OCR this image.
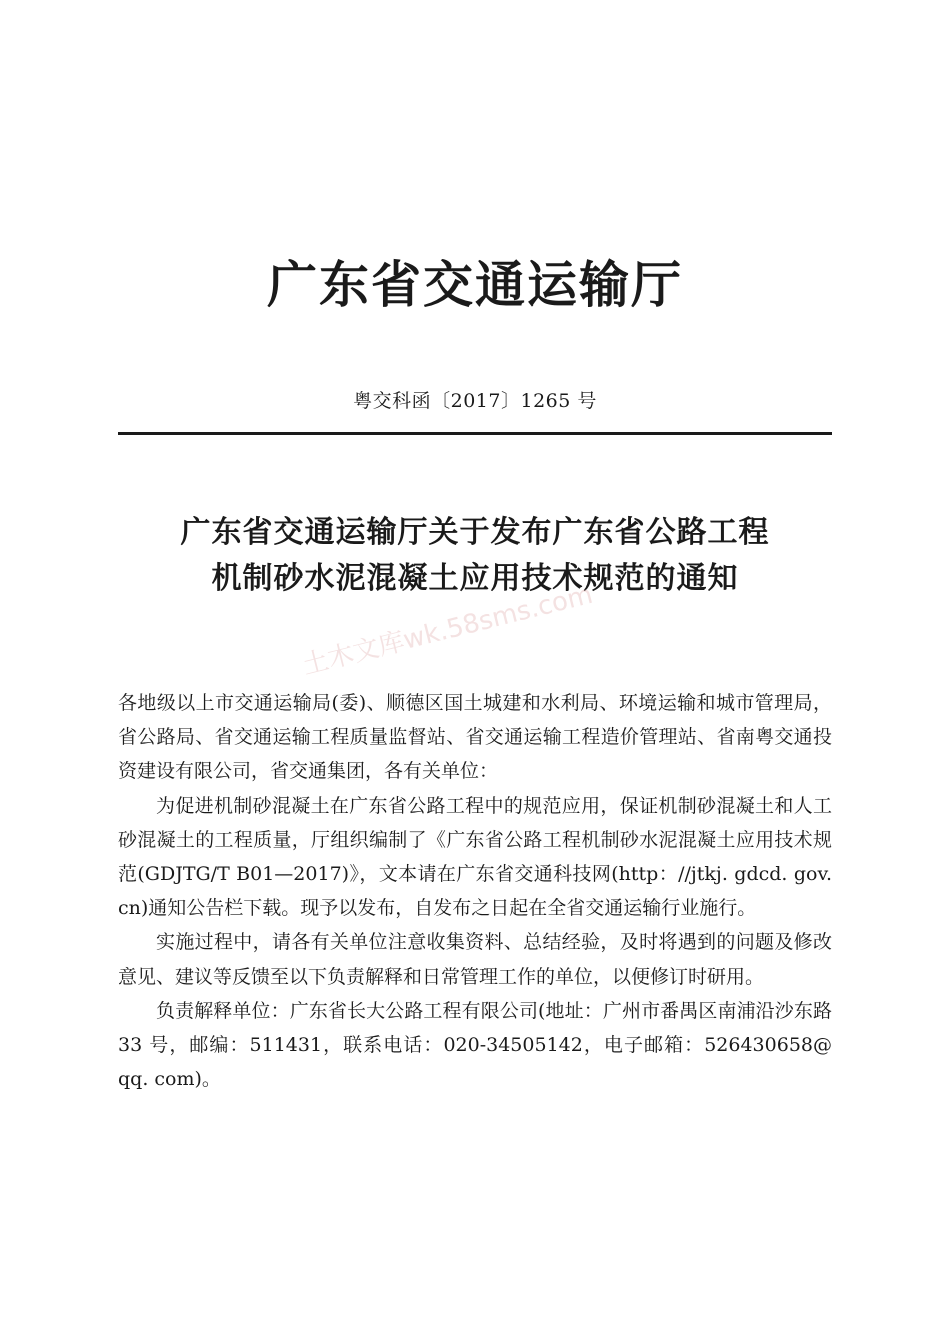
广东省交通运输厅
粤交科函〔2017〕1265 号
广东省交通运输厅关于发布广东省公路工程
机制砂水泥混凝土应用技术规范的通知
土木文库wk.58sms.com

各地级以上市交通运输局(委)、顺德区国土城建和水利局、环境运输和城市管理局，省公路局、省交通运输工程质量监督站、省交通运输工程造价管理站、省南粤交通投资建设有限公司，省交通集团，各有关单位：

为促进机制砂混凝土在广东省公路工程中的规范应用，保证机制砂混凝土和人工砂混凝土的工程质量，厅组织编制了《广东省公路工程机制砂水泥混凝土应用技术规范(GDJTG/T B01—2017)》，文本请在广东省交通科技网(http：//jtkj. gdcd. gov. cn)通知公告栏下载。现予以发布，自发布之日起在全省交通运输行业施行。

实施过程中，请各有关单位注意收集资料、总结经验，及时将遇到的问题及修改意见、建议等反馈至以下负责解释和日常管理工作的单位，以便修订时研用。

负责解释单位：广东省长大公路工程有限公司(地址：广州市番禺区南浦沿沙东路 33 号，邮编：511431，联系电话：020-34505142，电子邮箱：526430658@ qq. com)。
